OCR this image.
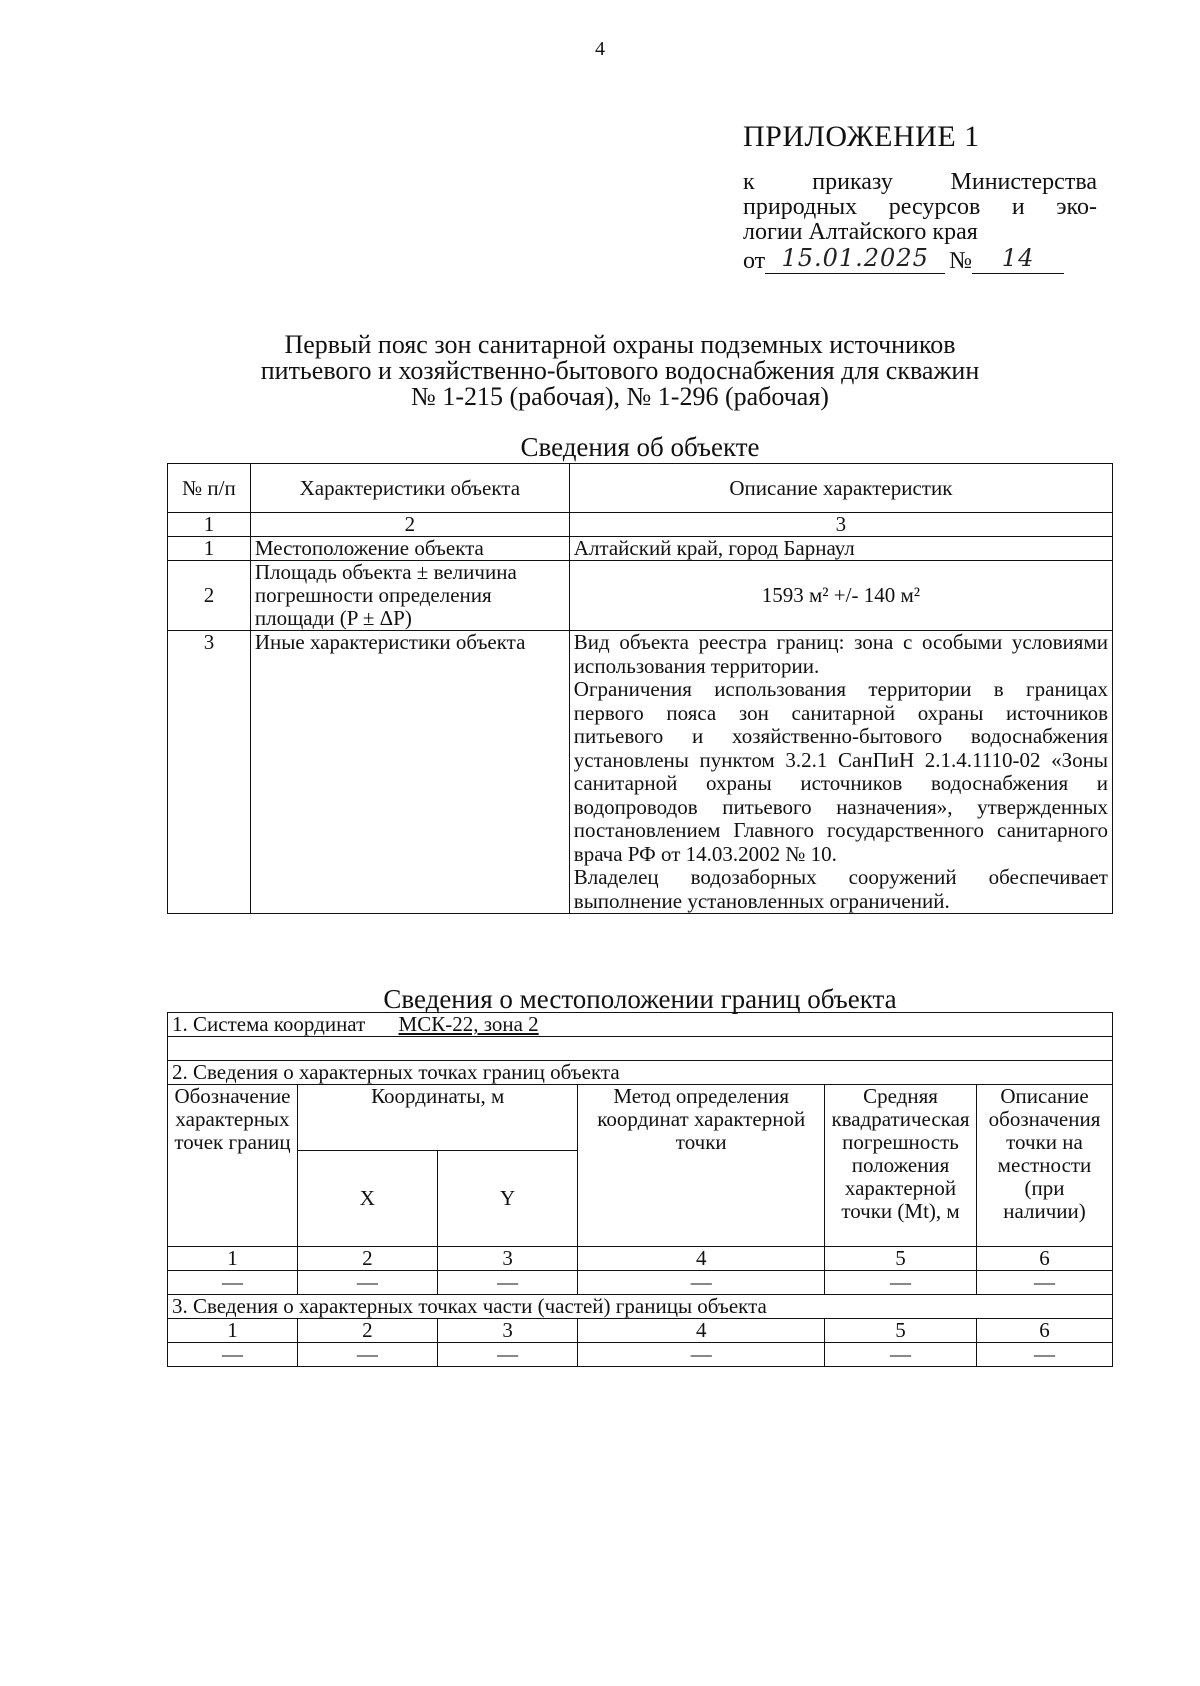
4
ПРИЛОЖЕНИЕ 1
к приказу Министерства
природных ресурсов и эко-
логии Алтайского края
от 15.01.2025 №	14
Первый пояс зон санитарной охраны подземных источников
питьевого и хозяйственно-бытового водоснабжения для скважин
№ 1-215 (рабочая), № 1-296 (рабочая)
Сведения об объекте
№ п/п	Характеристики объекта	Описание характеристик
1	2	3
1	Местоположение объекта	Алтайский край, город Барнаул
2	Площадь объекта ± величина погрешности определения площади (P ± ΔP)	1593 м² +/- 140 м²
3	Иные характеристики объекта	Вид объекта реестра границ: зона с особыми условиями использования территории.
Ограничения использования территории в границах первого пояса зон санитарной охраны источников питьевого и хозяйственно-бытового водоснабжения установлены пунктом 3.2.1 СанПиН 2.1.4.1110-02 «Зоны санитарной охраны источников водоснабжения и водопроводов питьевого назначения», утвержденных постановлением Главного государственного санитарного врача РФ от 14.03.2002 № 10.
Владелец водозаборных сооружений обеспечивает выполнение установленных ограничений.
Сведения о местоположении границ объекта
1. Система координат МСК-22, зона 2					

2. Сведения о характерных точках границ объекта					
Обозначение характерных точек границ	Координаты, м		Метод определения координат характерной точки	Средняя квадратическая погрешность положения характерной точки (Mt), м	Описание обозначения точки на местности (при наличии)
	X	Y			
1	2	3	4	5	6
—	—	—	—	—	—
3. Сведения о характерных точках части (частей) границы объекта					
1	2	3	4	5	6
—	—	—	—	—	—
